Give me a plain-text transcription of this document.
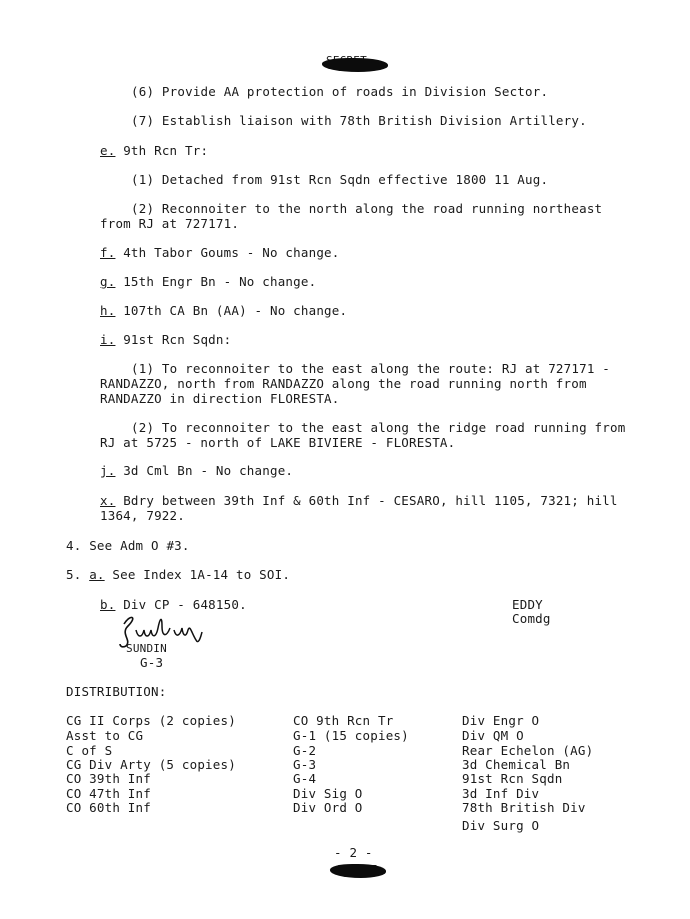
(6) Provide AA protection of roads in Division Sector.
(7) Establish liaison with 78th British Division Artillery.
e. 9th Rcn Tr:
(1) Detached from 91st Rcn Sqdn effective 1800 11 Aug.
(2) Reconnoiter to the north along the road running northeast
from RJ at 727171.
f. 4th Tabor Goums - No change.
g. 15th Engr Bn - No change.
h. 107th CA Bn (AA) - No change.
i. 91st Rcn Sqdn:
(1) To reconnoiter to the east along the route: RJ at 727171 -
RANDAZZO, north from RANDAZZO along the road running north from
RANDAZZO in direction FLORESTA.
(2) To reconnoiter to the east along the ridge road running from
RJ at 5725 - north of LAKE BIVIERE - FLORESTA.
j. 3d Cml Bn - No change.
x. Bdry between 39th Inf & 60th Inf - CESARO, hill 1105, 7321; hill
1364, 7922.
4. See Adm O #3.
5. a. See Index 1A-14 to SOI.
b. Div CP - 648150.	EDDY
Comdg
SUNDIN
G-3
DISTRIBUTION:
CG II Corps (2 copies)
Asst to CG
C of S
CG Div Arty (5 copies)
CO 39th Inf
CO 47th Inf
CO 60th Inf
CO 9th Rcn Tr
G-1 (15 copies)
G-2
G-3
G-4
Div Sig O
Div Ord O
Div Engr O
Div QM O
Rear Echelon (AG)
3d Chemical Bn
91st Rcn Sqdn
3d Inf Div
78th British Div
Div Surg O
- 2 -
